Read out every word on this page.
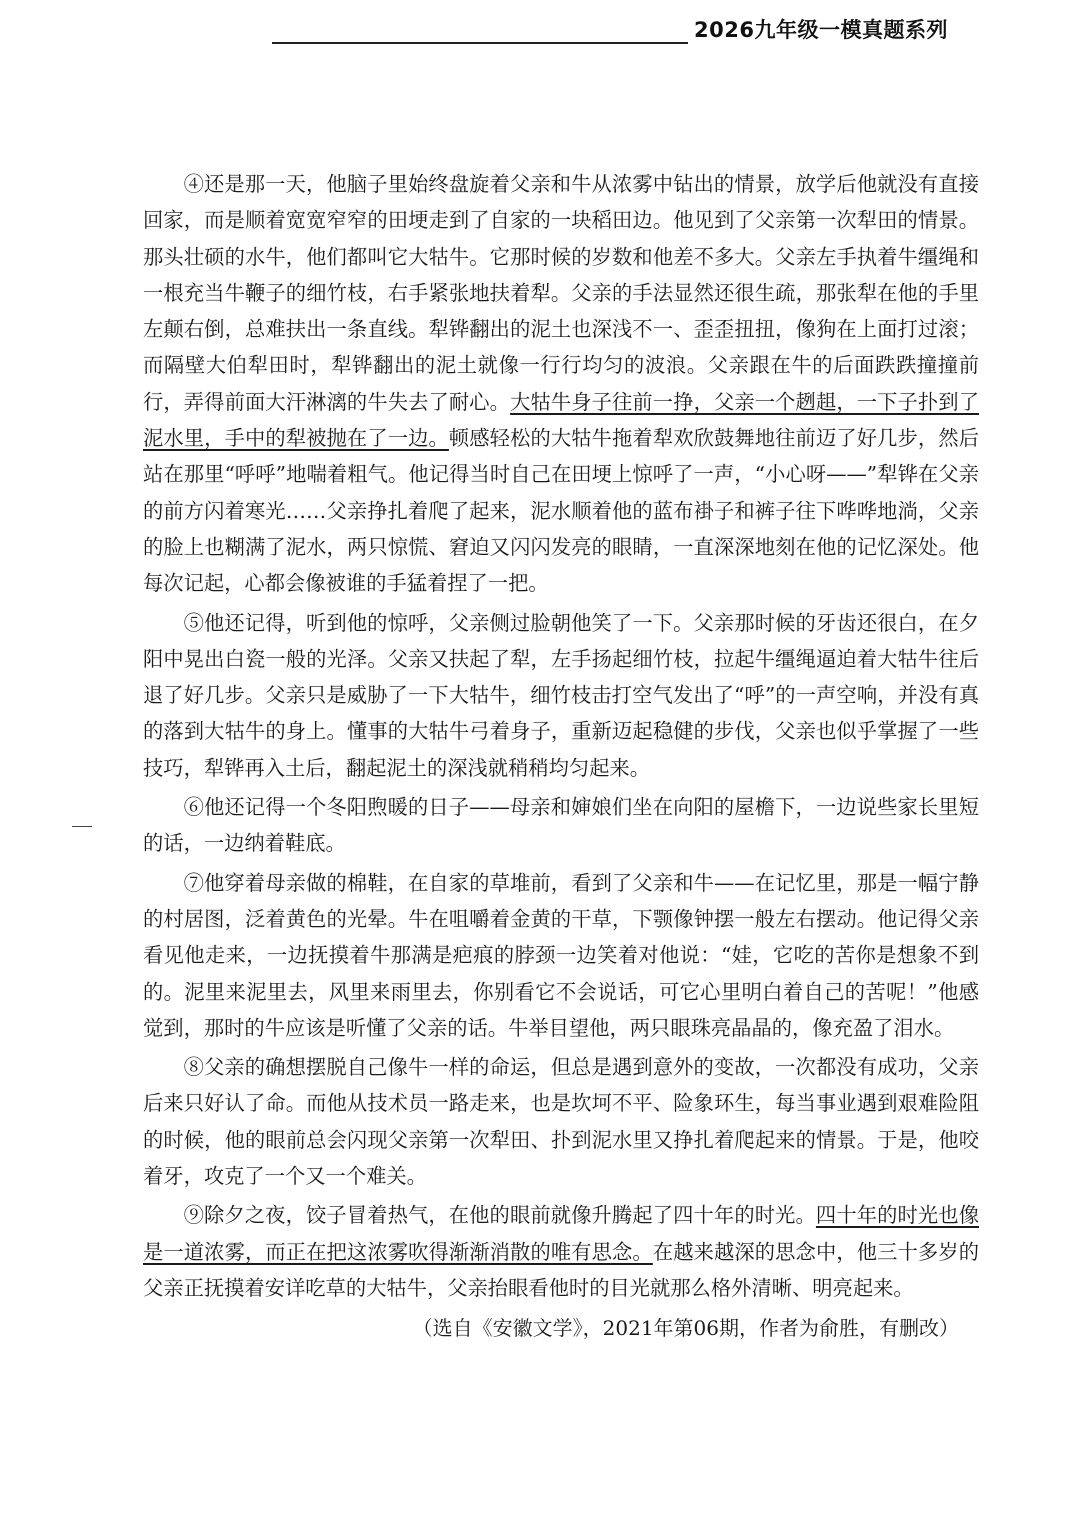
2026九年级一模真题系列

④还是那一天，他脑子里始终盘旋着父亲和牛从浓雾中钻出的情景，放学后他就没有直接回家，而是顺着宽宽窄窄的田埂走到了自家的一块稻田边。他见到了父亲第一次犁田的情景。那头壮硕的水牛，他们都叫它大牯牛。它那时候的岁数和他差不多大。父亲左手执着牛缰绳和一根充当牛鞭子的细竹枝，右手紧张地扶着犁。父亲的手法显然还很生疏，那张犁在他的手里左颠右倒，总难扶出一条直线。犁铧翻出的泥土也深浅不一、歪歪扭扭，像狗在上面打过滚；而隔壁大伯犁田时，犁铧翻出的泥土就像一行行均匀的波浪。父亲跟在牛的后面跌跌撞撞前行，弄得前面大汗淋漓的牛失去了耐心。大牯牛身子往前一挣，父亲一个趔趄，一下子扑到了泥水里，手中的犁被抛在了一边。顿感轻松的大牯牛拖着犁欢欣鼓舞地往前迈了好几步，然后站在那里“呼呼”地喘着粗气。他记得当时自己在田埂上惊呼了一声，“小心呀——”犁铧在父亲的前方闪着寒光……父亲挣扎着爬了起来，泥水顺着他的蓝布褂子和裤子往下哗哗地淌，父亲的脸上也糊满了泥水，两只惊慌、窘迫又闪闪发亮的眼睛，一直深深地刻在他的记忆深处。他每次记起，心都会像被谁的手猛着捏了一把。

⑤他还记得，听到他的惊呼，父亲侧过脸朝他笑了一下。父亲那时候的牙齿还很白，在夕阳中晃出白瓷一般的光泽。父亲又扶起了犁，左手扬起细竹枝，拉起牛缰绳逼迫着大牯牛往后退了好几步。父亲只是威胁了一下大牯牛，细竹枝击打空气发出了“呼”的一声空响，并没有真的落到大牯牛的身上。懂事的大牯牛弓着身子，重新迈起稳健的步伐，父亲也似乎掌握了一些技巧，犁铧再入土后，翻起泥土的深浅就稍稍均匀起来。

⑥他还记得一个冬阳煦暖的日子——母亲和婶娘们坐在向阳的屋檐下，一边说些家长里短的话，一边纳着鞋底。

⑦他穿着母亲做的棉鞋，在自家的草堆前，看到了父亲和牛——在记忆里，那是一幅宁静的村居图，泛着黄色的光晕。牛在咀嚼着金黄的干草，下颚像钟摆一般左右摆动。他记得父亲看见他走来，一边抚摸着牛那满是疤痕的脖颈一边笑着对他说：“娃，它吃的苦你是想象不到的。泥里来泥里去，风里来雨里去，你别看它不会说话，可它心里明白着自己的苦呢！”他感觉到，那时的牛应该是听懂了父亲的话。牛举目望他，两只眼珠亮晶晶的，像充盈了泪水。

⑧父亲的确想摆脱自己像牛一样的命运，但总是遇到意外的变故，一次都没有成功，父亲后来只好认了命。而他从技术员一路走来，也是坎坷不平、险象环生，每当事业遇到艰难险阻的时候，他的眼前总会闪现父亲第一次犁田、扑到泥水里又挣扎着爬起来的情景。于是，他咬着牙，攻克了一个又一个难关。

⑨除夕之夜，饺子冒着热气，在他的眼前就像升腾起了四十年的时光。四十年的时光也像是一道浓雾，而正在把这浓雾吹得渐渐消散的唯有思念。在越来越深的思念中，他三十多岁的父亲正抚摸着安详吃草的大牯牛，父亲抬眼看他时的目光就那么格外清晰、明亮起来。

（选自《安徽文学》，2021年第06期，作者为俞胜，有删改）
